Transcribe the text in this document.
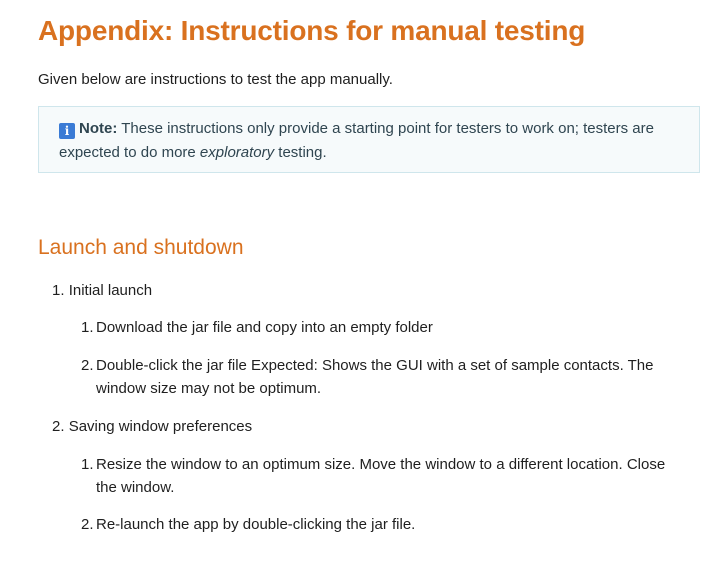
Appendix: Instructions for manual testing
Given below are instructions to test the app manually.
i Note: These instructions only provide a starting point for testers to work on; testers are expected to do more exploratory testing.
Launch and shutdown
1. Initial launch
1. Download the jar file and copy into an empty folder
2. Double-click the jar file Expected: Shows the GUI with a set of sample contacts. The window size may not be optimum.
2. Saving window preferences
1. Resize the window to an optimum size. Move the window to a different location. Close the window.
2. Re-launch the app by double-clicking the jar file.
